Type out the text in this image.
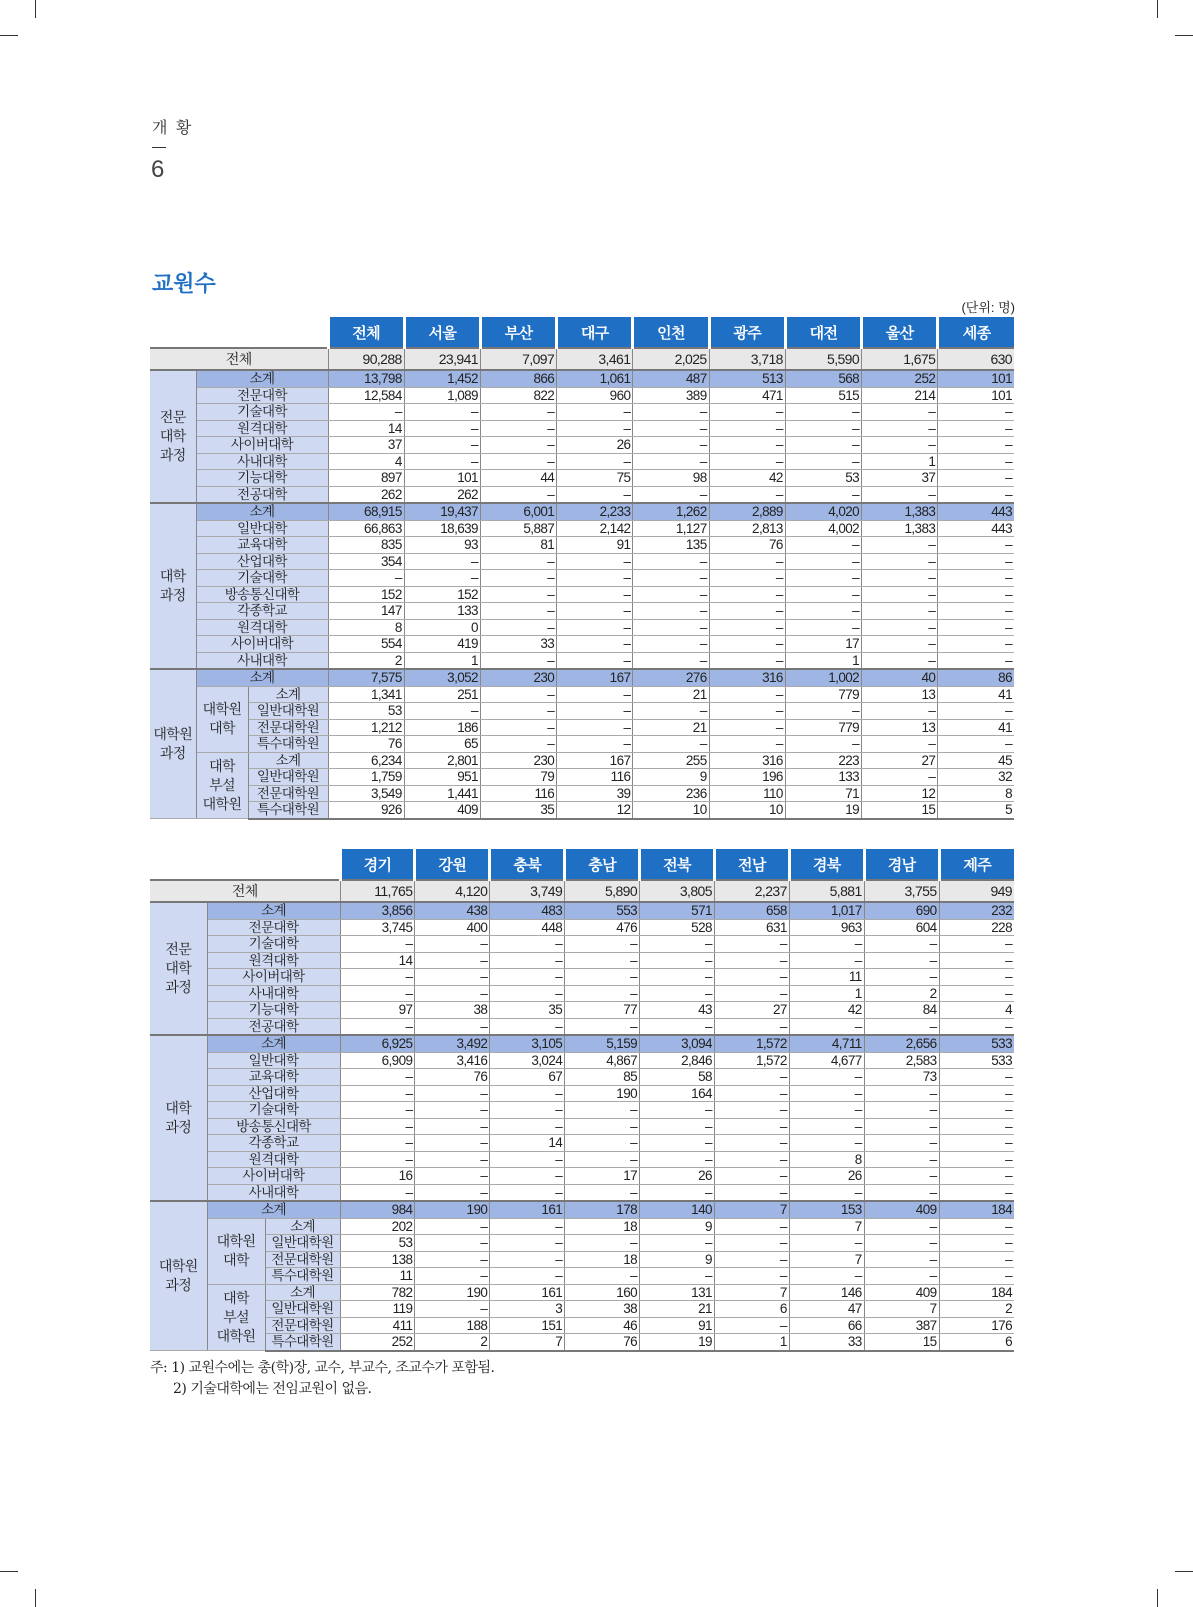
개 황
6
교원수
(단위: 명)
			전체	서울	부산	대구	인천	광주	대전	울산	세종
전체			90,288	23,941	7,097	3,461	2,025	3,718	5,590	1,675	630
전문
대학
과정	소계		13,798	1,452	866	1,061	487	513	568	252	101
	전문대학		12,584	1,089	822	960	389	471	515	214	101
	기술대학		–	–	–	–	–	–	–	–	–
	원격대학		14	–	–	–	–	–	–	–	–
	사이버대학		37	–	–	26	–	–	–	–	–
	사내대학		4	–	–	–	–	–	–	1	–
	기능대학		897	101	44	75	98	42	53	37	–
	전공대학		262	262	–	–	–	–	–	–	–
대학
과정	소계		68,915	19,437	6,001	2,233	1,262	2,889	4,020	1,383	443
	일반대학		66,863	18,639	5,887	2,142	1,127	2,813	4,002	1,383	443
	교육대학		835	93	81	91	135	76	–	–	–
	산업대학		354	–	–	–	–	–	–	–	–
	기술대학		–	–	–	–	–	–	–	–	–
	방송통신대학		152	152	–	–	–	–	–	–	–
	각종학교		147	133	–	–	–	–	–	–	–
	원격대학		8	0	–	–	–	–	–	–	–
	사이버대학		554	419	33	–	–	–	17	–	–
	사내대학		2	1	–	–	–	–	1	–	–
대학원
과정	소계		7,575	3,052	230	167	276	316	1,002	40	86
	대학원
대학	소계	1,341	251	–	–	21	–	779	13	41
		일반대학원	53	–	–	–	–	–	–	–	–
		전문대학원	1,212	186	–	–	21	–	779	13	41
		특수대학원	76	65	–	–	–	–	–	–	–
	대학
부설
대학원	소계	6,234	2,801	230	167	255	316	223	27	45
		일반대학원	1,759	951	79	116	9	196	133	–	32
		전문대학원	3,549	1,441	116	39	236	110	71	12	8
		특수대학원	926	409	35	12	10	10	19	15	5
			경기	강원	충북	충남	전북	전남	경북	경남	제주
전체			11,765	4,120	3,749	5,890	3,805	2,237	5,881	3,755	949
전문
대학
과정	소계		3,856	438	483	553	571	658	1,017	690	232
	전문대학		3,745	400	448	476	528	631	963	604	228
	기술대학		–	–	–	–	–	–	–	–	–
	원격대학		14	–	–	–	–	–	–	–	–
	사이버대학		–	–	–	–	–	–	11	–	–
	사내대학		–	–	–	–	–	–	1	2	–
	기능대학		97	38	35	77	43	27	42	84	4
	전공대학		–	–	–	–	–	–	–	–	–
대학
과정	소계		6,925	3,492	3,105	5,159	3,094	1,572	4,711	2,656	533
	일반대학		6,909	3,416	3,024	4,867	2,846	1,572	4,677	2,583	533
	교육대학		–	76	67	85	58	–	–	73	–
	산업대학		–	–	–	190	164	–	–	–	–
	기술대학		–	–	–	–	–	–	–	–	–
	방송통신대학		–	–	–	–	–	–	–	–	–
	각종학교		–	–	14	–	–	–	–	–	–
	원격대학		–	–	–	–	–	–	8	–	–
	사이버대학		16	–	–	17	26	–	26	–	–
	사내대학		–	–	–	–	–	–	–	–	–
대학원
과정	소계		984	190	161	178	140	7	153	409	184
	대학원
대학	소계	202	–	–	18	9	–	7	–	–
		일반대학원	53	–	–	–	–	–	–	–	–
		전문대학원	138	–	–	18	9	–	7	–	–
		특수대학원	11	–	–	–	–	–	–	–	–
	대학
부설
대학원	소계	782	190	161	160	131	7	146	409	184
		일반대학원	119	–	3	38	21	6	47	7	2
		전문대학원	411	188	151	46	91	–	66	387	176
		특수대학원	252	2	7	76	19	1	33	15	6
주: 1) 교원수에는 총(학)장, 교수, 부교수, 조교수가 포함됨.
2) 기술대학에는 전임교원이 없음.
